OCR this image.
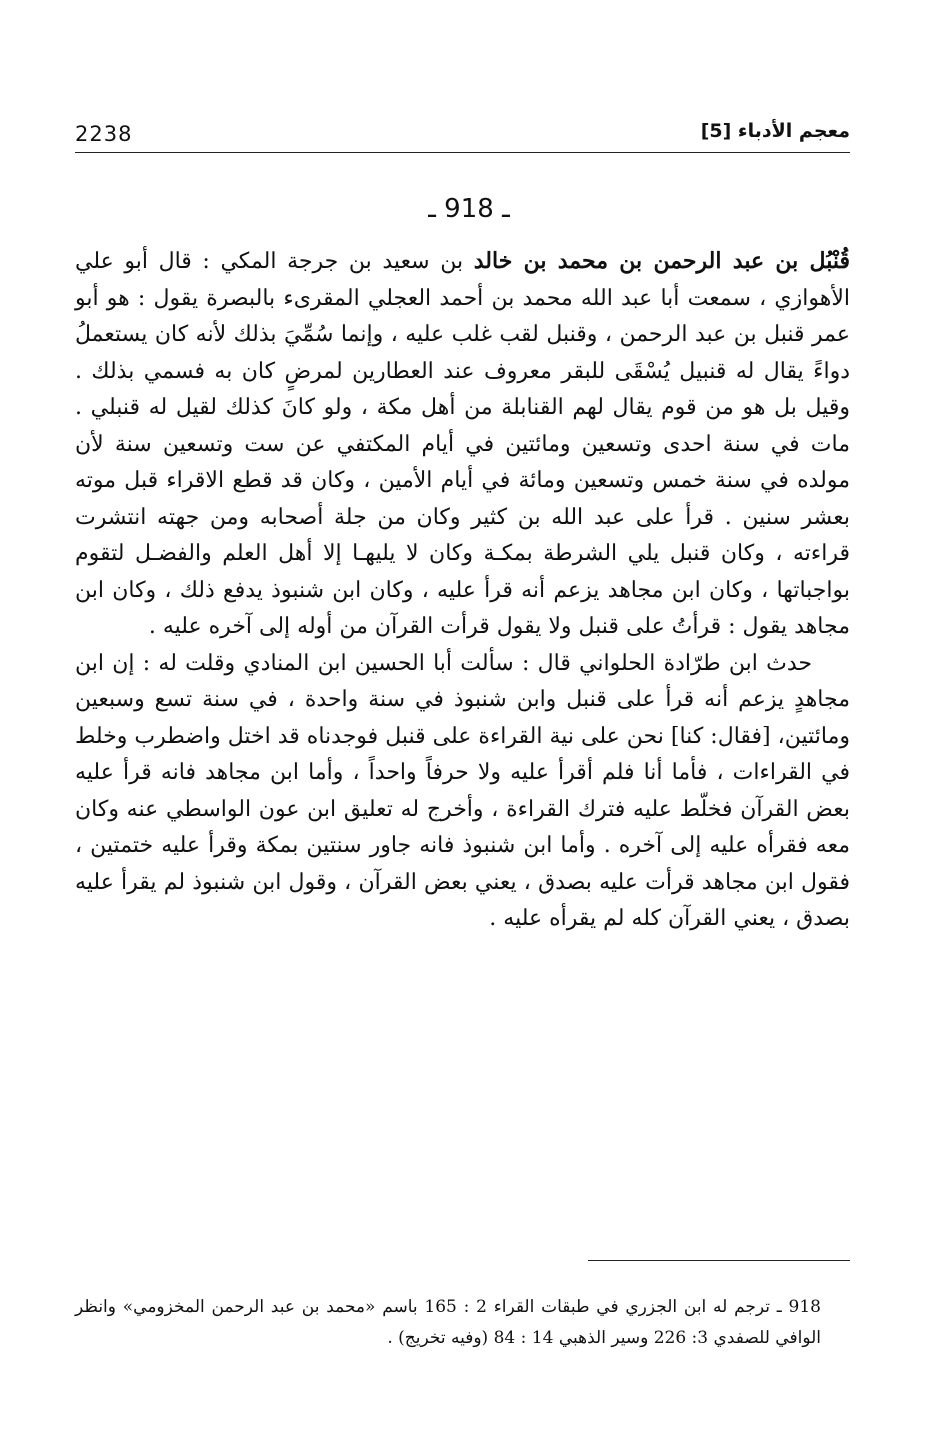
2238	معجم الأدباء [5]
ـ 918 ـ

قُنْبُل بن عبد الرحمن بن محمد بن خالد بن سعيد بن جرجة المكي : قال أبو علي الأهوازي ، سمعت أبا عبد الله محمد بن أحمد العجلي المقرىء بالبصرة يقول : هو أبو عمر قنبل بن عبد الرحمن ، وقنبل لقب غلب عليه ، وإنما سُمِّيَ بذلك لأنه كان يستعملُ دواءً يقال له قنبيل يُسْقَى للبقر معروف عند العطارين لمرضٍ كان به فسمي بذلك . وقيل بل هو من قوم يقال لهم القنابلة من أهل مكة ، ولو كانَ كذلك لقيل له قنبلي . مات في سنة احدى وتسعين ومائتين في أيام المكتفي عن ست وتسعين سنة لأن مولده في سنة خمس وتسعين ومائة في أيام الأمين ، وكان قد قطع الاقراء قبل موته بعشر سنين . قرأ على عبد الله بن كثير وكان من جلة أصحابه ومن جهته انتشرت قراءته ، وكان قنبل يلي الشرطة بمكـة وكان لا يليهـا إلا أهل العلم والفضـل لتقوم بواجباتها ، وكان ابن مجاهد يزعم أنه قرأ عليه ، وكان ابن شنبوذ يدفع ذلك ، وكان ابن مجاهد يقول : قرأتُ على قنبل ولا يقول قرأت القرآن من أوله إلى آخره عليه .

حدث ابن طرّادة الحلواني قال : سألت أبا الحسين ابن المنادي وقلت له : إن ابن مجاهدٍ يزعم أنه قرأ على قنبل وابن شنبوذ في سنة واحدة ، في سنة تسع وسبعين ومائتين، [فقال: كنا] نحن على نية القراءة على قنبل فوجدناه قد اختل واضطرب وخلط في القراءات ، فأما أنا فلم أقرأ عليه ولا حرفاً واحداً ، وأما ابن مجاهد فانه قرأ عليه بعض القرآن فخلّط عليه فترك القراءة ، وأخرج له تعليق ابن عون الواسطي عنه وكان معه فقرأه عليه إلى آخره . وأما ابن شنبوذ فانه جاور سنتين بمكة وقرأ عليه ختمتين ، فقول ابن مجاهد قرأت عليه بصدق ، يعني بعض القرآن ، وقول ابن شنبوذ لم يقرأ عليه بصدق ، يعني القرآن كله لم يقرأه عليه .

918 ـ ترجم له ابن الجزري في طبقات القراء 2 : 165 باسم «محمد بن عبد الرحمن المخزومي» وانظر الوافي للصفدي 3: 226 وسير الذهبي 14 : 84 (وفيه تخريج) .
